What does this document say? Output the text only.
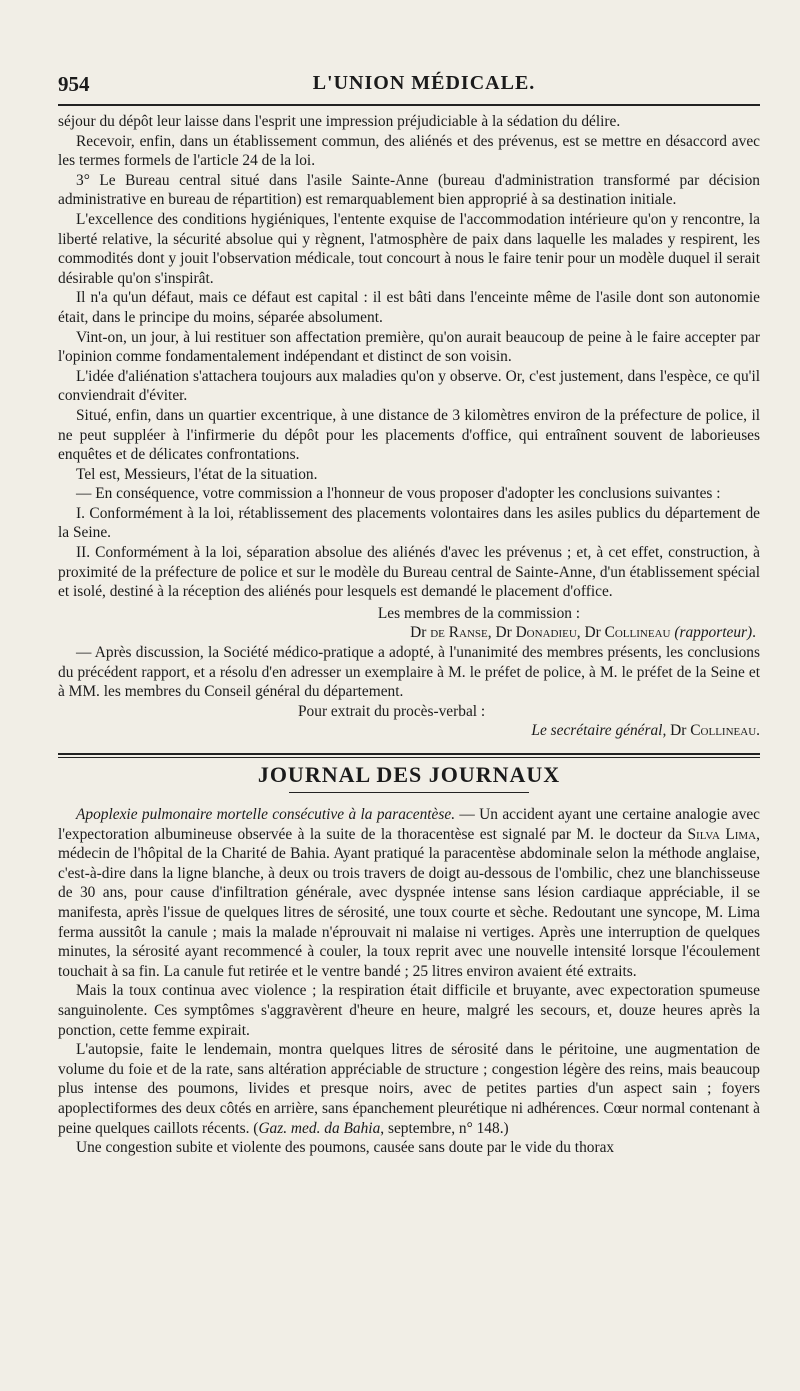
954	L'UNION MÉDICALE.

séjour du dépôt leur laisse dans l'esprit une impression préjudiciable à la sédation du délire.

Recevoir, enfin, dans un établissement commun, des aliénés et des prévenus, est se mettre en désaccord avec les termes formels de l'article 24 de la loi.

3° Le Bureau central situé dans l'asile Sainte-Anne (bureau d'administration transformé par décision administrative en bureau de répartition) est remarquablement bien approprié à sa destination initiale.

L'excellence des conditions hygiéniques, l'entente exquise de l'accommodation intérieure qu'on y rencontre, la liberté relative, la sécurité absolue qui y règnent, l'atmosphère de paix dans laquelle les malades y respirent, les commodités dont y jouit l'observation médicale, tout concourt à nous le faire tenir pour un modèle duquel il serait désirable qu'on s'inspirât.

Il n'a qu'un défaut, mais ce défaut est capital : il est bâti dans l'enceinte même de l'asile dont son autonomie était, dans le principe du moins, séparée absolument.

Vint-on, un jour, à lui restituer son affectation première, qu'on aurait beaucoup de peine à le faire accepter par l'opinion comme fondamentalement indépendant et distinct de son voisin.

L'idée d'aliénation s'attachera toujours aux maladies qu'on y observe. Or, c'est justement, dans l'espèce, ce qu'il conviendrait d'éviter.

Situé, enfin, dans un quartier excentrique, à une distance de 3 kilomètres environ de la préfecture de police, il ne peut suppléer à l'infirmerie du dépôt pour les placements d'office, qui entraînent souvent de laborieuses enquêtes et de délicates confrontations.

Tel est, Messieurs, l'état de la situation.

— En conséquence, votre commission a l'honneur de vous proposer d'adopter les conclusions suivantes :

I. Conformément à la loi, rétablissement des placements volontaires dans les asiles publics du département de la Seine.

II. Conformément à la loi, séparation absolue des aliénés d'avec les prévenus ; et, à cet effet, construction, à proximité de la préfecture de police et sur le modèle du Bureau central de Sainte-Anne, d'un établissement spécial et isolé, destiné à la réception des aliénés pour lesquels est demandé le placement d'office.

Les membres de la commission :

Dr de Ranse, Dr Donadieu, Dr Collineau (rapporteur).

— Après discussion, la Société médico-pratique a adopté, à l'unanimité des membres présents, les conclusions du précédent rapport, et a résolu d'en adresser un exemplaire à M. le préfet de police, à M. le préfet de la Seine et à MM. les membres du Conseil général du département.

Pour extrait du procès-verbal :

Le secrétaire général, Dr Collineau.

JOURNAL DES JOURNAUX

Apoplexie pulmonaire mortelle consécutive à la paracentèse. — Un accident ayant une certaine analogie avec l'expectoration albumineuse observée à la suite de la thoracentèse est signalé par M. le docteur da Silva Lima, médecin de l'hôpital de la Charité de Bahia. Ayant pratiqué la paracentèse abdominale selon la méthode anglaise, c'est-à-dire dans la ligne blanche, à deux ou trois travers de doigt au-dessous de l'ombilic, chez une blanchisseuse de 30 ans, pour cause d'infiltration générale, avec dyspnée intense sans lésion cardiaque appréciable, il se manifesta, après l'issue de quelques litres de sérosité, une toux courte et sèche. Redoutant une syncope, M. Lima ferma aussitôt la canule ; mais la malade n'éprouvait ni malaise ni vertiges. Après une interruption de quelques minutes, la sérosité ayant recommencé à couler, la toux reprit avec une nouvelle intensité lorsque l'écoulement touchait à sa fin. La canule fut retirée et le ventre bandé ; 25 litres environ avaient été extraits.

Mais la toux continua avec violence ; la respiration était difficile et bruyante, avec expectoration spumeuse sanguinolente. Ces symptômes s'aggravèrent d'heure en heure, malgré les secours, et, douze heures après la ponction, cette femme expirait.

L'autopsie, faite le lendemain, montra quelques litres de sérosité dans le péritoine, une augmentation de volume du foie et de la rate, sans altération appréciable de structure ; congestion légère des reins, mais beaucoup plus intense des poumons, livides et presque noirs, avec de petites parties d'un aspect sain ; foyers apoplectiformes des deux côtés en arrière, sans épanchement pleurétique ni adhérences. Cœur normal contenant à peine quelques caillots récents. (Gaz. med. da Bahia, septembre, n° 148.)

Une congestion subite et violente des poumons, causée sans doute par le vide du thorax
